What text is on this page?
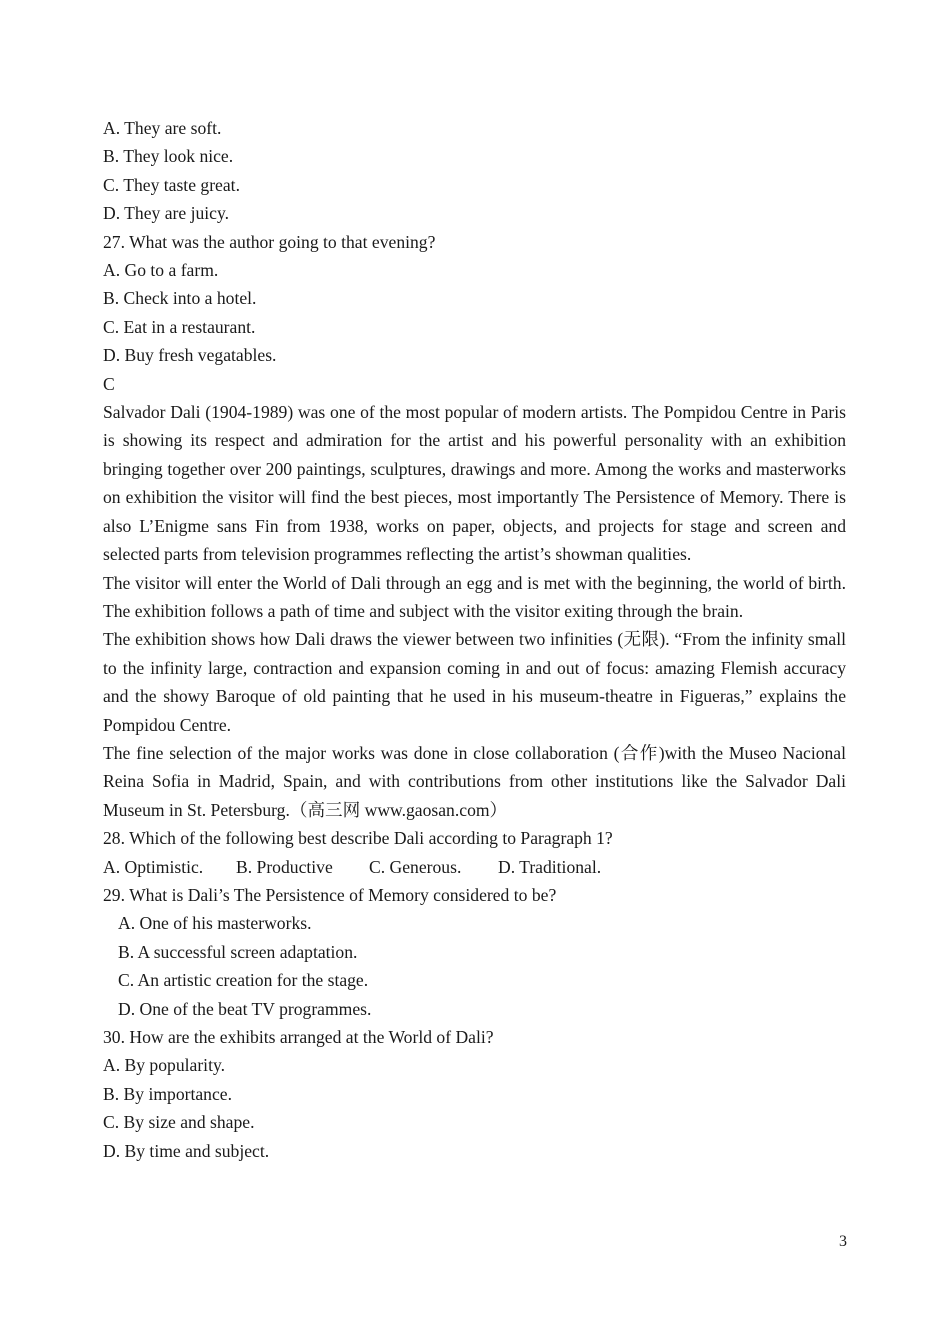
A. They are soft.
B. They look nice.
C. They taste great.
D. They are juicy.
27. What was the author going to that evening?
A. Go to a farm.
B. Check into a hotel.
C. Eat in a restaurant.
D. Buy fresh vegatables.
C
Salvador Dali (1904-1989) was one of the most popular of modern artists. The Pompidou Centre in Paris is showing its respect and admiration for the artist and his powerful personality with an exhibition bringing together over 200 paintings, sculptures, drawings and more. Among the works and masterworks on exhibition the visitor will find the best pieces, most importantly The Persistence of Memory. There is also L’Enigme sans Fin from 1938, works on paper, objects, and projects for stage and screen and selected parts from television programmes reflecting the artist’s showman qualities.
The visitor will enter the World of Dali through an egg and is met with the beginning, the world of birth. The exhibition follows a path of time and subject with the visitor exiting through the brain.
The exhibition shows how Dali draws the viewer between two infinities (无限). “From the infinity small to the infinity large, contraction and expansion coming in and out of focus: amazing Flemish accuracy and the showy Baroque of old painting that he used in his museum-theatre in Figueras,” explains the Pompidou Centre.
The fine selection of the major works was done in close collaboration (合作)with the Museo Nacional Reina Sofia in Madrid, Spain, and with contributions from other institutions like the Salvador Dali Museum in St. Petersburg.（高三网 www.gaosan.com）
28. Which of the following best describe Dali according to Paragraph 1?
A. Optimistic. B. Productive C. Generous. D. Traditional.
29. What is Dali’s The Persistence of Memory considered to be?
A. One of his masterworks.
B. A successful screen adaptation.
C. An artistic creation for the stage.
D. One of the beat TV programmes.
30. How are the exhibits arranged at the World of Dali?
A. By popularity.
B. By importance.
C. By size and shape.
D. By time and subject.
3
